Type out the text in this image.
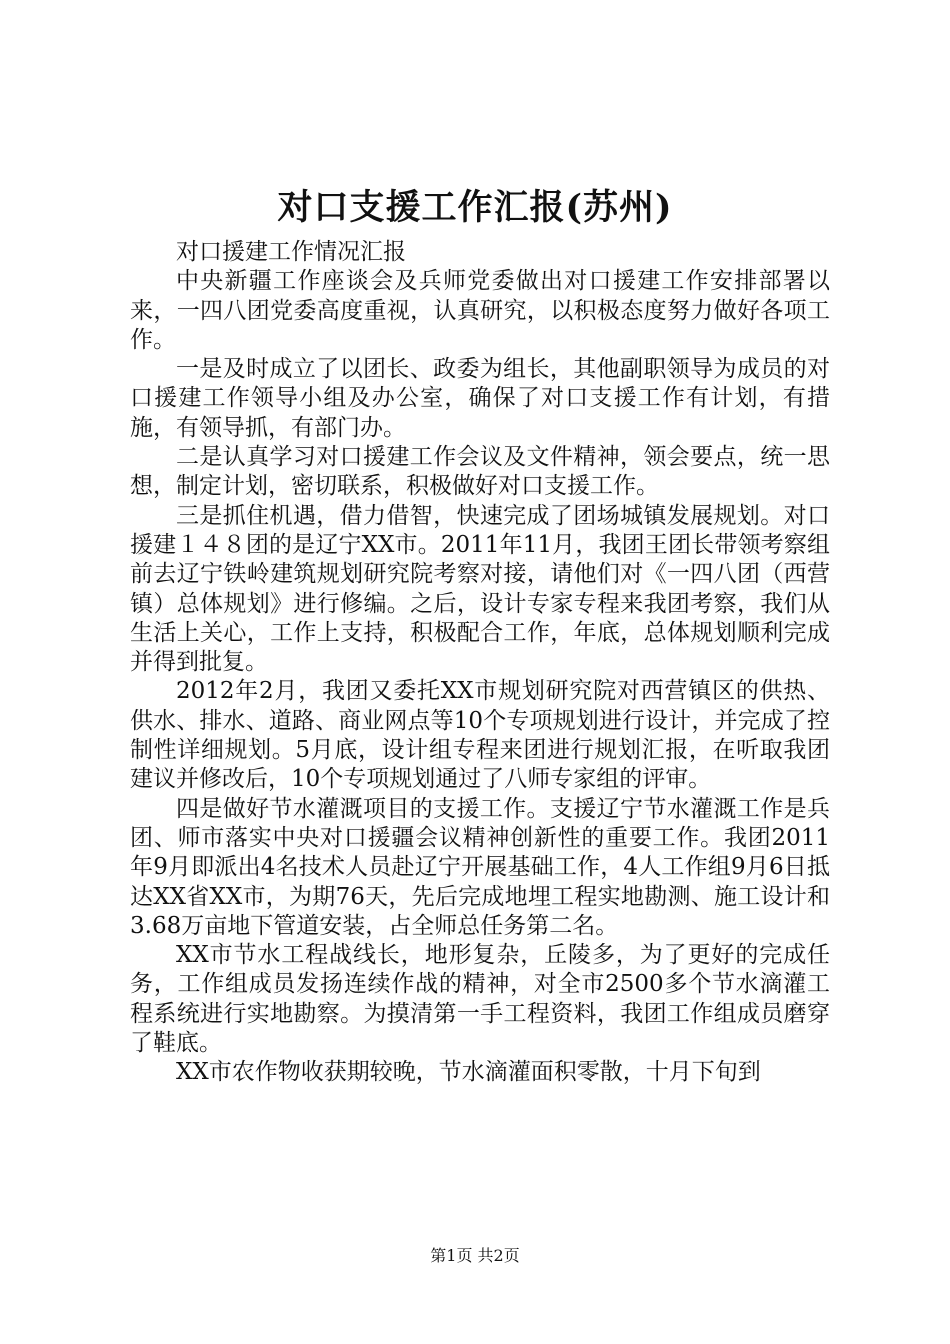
对口支援工作汇报(苏州)

对口援建工作情况汇报

中央新疆工作座谈会及兵师党委做出对口援建工作安排部署以来，一四八团党委高度重视，认真研究，以积极态度努力做好各项工作。

一是及时成立了以团长、政委为组长，其他副职领导为成员的对口援建工作领导小组及办公室，确保了对口支援工作有计划，有措施，有领导抓，有部门办。

二是认真学习对口援建工作会议及文件精神，领会要点，统一思想，制定计划，密切联系，积极做好对口支援工作。

三是抓住机遇，借力借智，快速完成了团场城镇发展规划。对口援建１４８团的是辽宁XX市。2011年11月，我团王团长带领考察组前去辽宁铁岭建筑规划研究院考察对接，请他们对《一四八团（西营镇）总体规划》进行修编。之后，设计专家专程来我团考察，我们从生活上关心，工作上支持，积极配合工作，年底，总体规划顺利完成并得到批复。

2012年2月，我团又委托XX市规划研究院对西营镇区的供热、供水、排水、道路、商业网点等10个专项规划进行设计，并完成了控制性详细规划。5月底，设计组专程来团进行规划汇报，在听取我团建议并修改后，10个专项规划通过了八师专家组的评审。

四是做好节水灌溉项目的支援工作。支援辽宁节水灌溉工作是兵团、师市落实中央对口援疆会议精神创新性的重要工作。我团2011年9月即派出4名技术人员赴辽宁开展基础工作，4人工作组9月6日抵达XX省XX市，为期76天，先后完成地埋工程实地勘测、施工设计和3.68万亩地下管道安装，占全师总任务第二名。

XX市节水工程战线长，地形复杂，丘陵多，为了更好的完成任务，工作组成员发扬连续作战的精神，对全市2500多个节水滴灌工程系统进行实地勘察。为摸清第一手工程资料，我团工作组成员磨穿了鞋底。

XX市农作物收获期较晚，节水滴灌面积零散，十月下旬到

第1页 共2页
